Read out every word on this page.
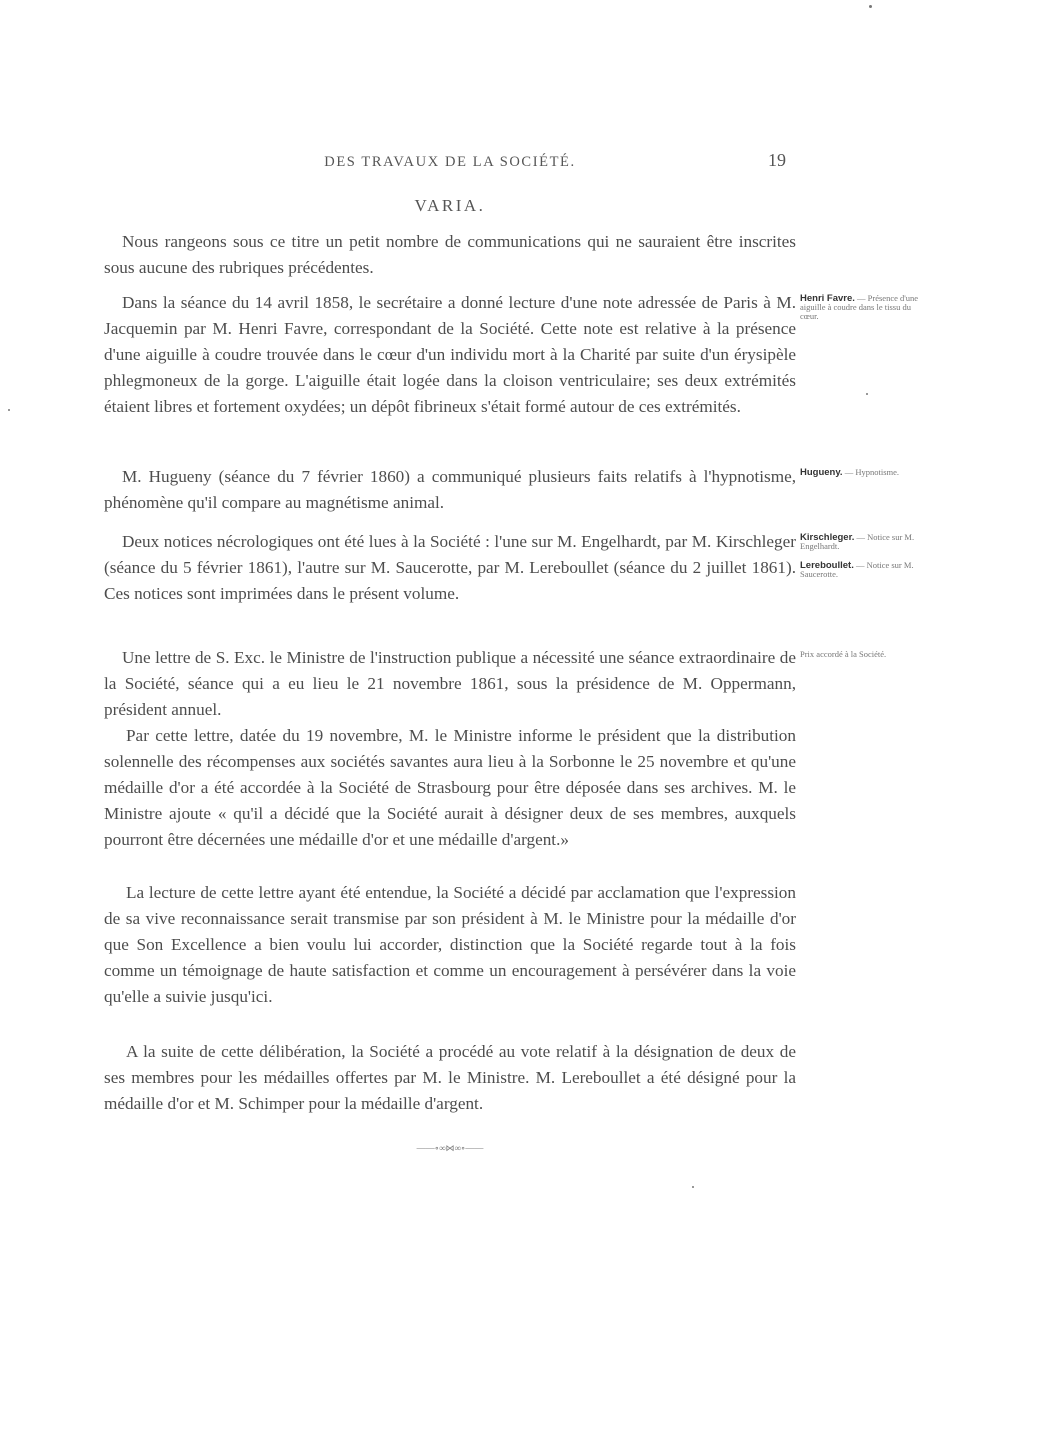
DES TRAVAUX DE LA SOCIÉTÉ.	19
VARIA.

Nous rangeons sous ce titre un petit nombre de communications qui ne sauraient être inscrites sous aucune des rubriques précédentes.

Dans la séance du 14 avril 1858, le secrétaire a donné lecture d'une note adressée de Paris à M. Jacquemin par M. Henri Favre, correspondant de la Société. Cette note est relative à la présence d'une aiguille à coudre trouvée dans le cœur d'un individu mort à la Charité par suite d'un érysipèle phlegmoneux de la gorge. L'aiguille était logée dans la cloison ventriculaire; ses deux extrémités étaient libres et fortement oxydées; un dépôt fibrineux s'était formé autour de ces extrémités.

M. Hugueny (séance du 7 février 1860) a communiqué plusieurs faits relatifs à l'hypnotisme, phénomène qu'il compare au magnétisme animal.

Deux notices nécrologiques ont été lues à la Société : l'une sur M. Engelhardt, par M. Kirschleger (séance du 5 février 1861), l'autre sur M. Saucerotte, par M. Lereboullet (séance du 2 juillet 1861). Ces notices sont imprimées dans le présent volume.

Une lettre de S. Exc. le Ministre de l'instruction publique a nécessité une séance extraordinaire de la Société, séance qui a eu lieu le 21 novembre 1861, sous la présidence de M. Oppermann, président annuel.

Par cette lettre, datée du 19 novembre, M. le Ministre informe le président que la distribution solennelle des récompenses aux sociétés savantes aura lieu à la Sorbonne le 25 novembre et qu'une médaille d'or a été accordée à la Société de Strasbourg pour être déposée dans ses archives. M. le Ministre ajoute « qu'il a décidé que la Société aurait à désigner deux de ses membres, auxquels pourront être décernées une médaille d'or et une médaille d'argent.»

La lecture de cette lettre ayant été entendue, la Société a décidé par acclamation que l'expression de sa vive reconnaissance serait transmise par son président à M. le Ministre pour la médaille d'or que Son Excellence a bien voulu lui accorder, distinction que la Société regarde tout à la fois comme un témoignage de haute satisfaction et comme un encouragement à persévérer dans la voie qu'elle a suivie jusqu'ici.

A la suite de cette délibération, la Société a procédé au vote relatif à la désignation de deux de ses membres pour les médailles offertes par M. le Ministre. M. Lereboullet a été désigné pour la médaille d'or et M. Schimper pour la médaille d'argent.

Henri Favre. — Présence d'une aiguille à coudre dans le tissu du cœur.
Hugueny. — Hypnotisme.
Kirschleger. — Notice sur M. Engelhardt.
Lereboullet. — Notice sur M. Saucerotte.
Prix accordé à la Société.
——∘∞⋈∞∘——
